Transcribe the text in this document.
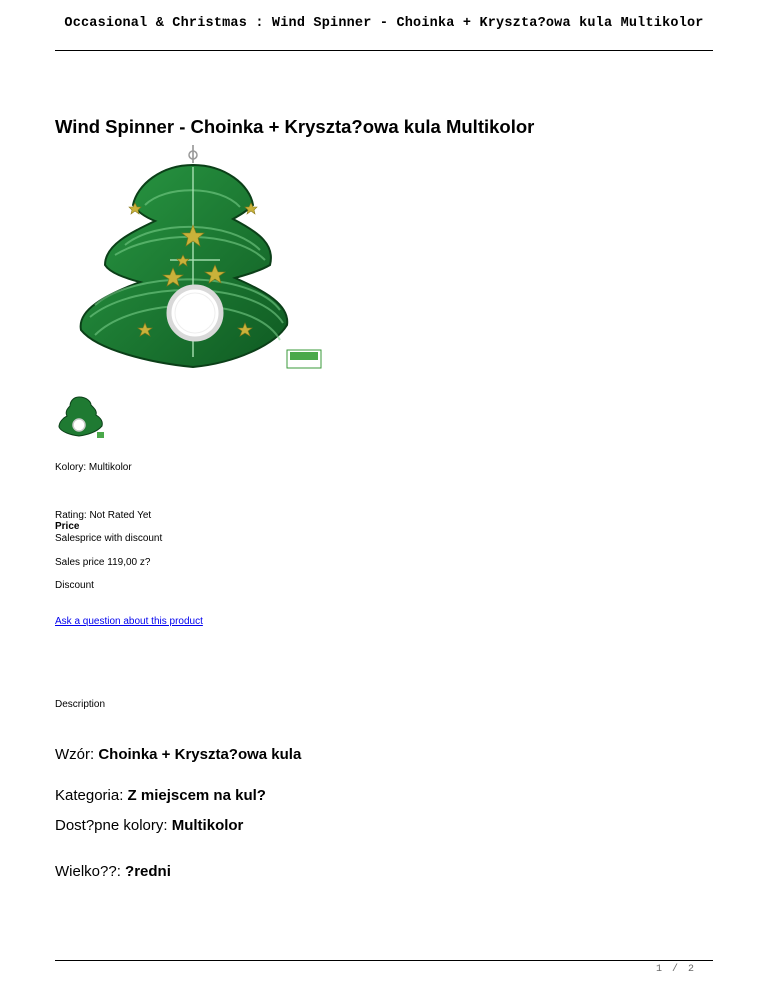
Occasional & Christmas : Wind Spinner - Choinka + Kryszta?owa kula Multikolor
Wind Spinner - Choinka + Kryszta?owa kula Multikolor
Kolory: Multikolor
Rating: Not Rated Yet
Price
Salesprice with discount
Sales price 119,00 z?
Discount
Ask a question about this product
Description
Wzór: Choinka + Kryszta?owa kula
Kategoria: Z miejscem na kul?
Dost?pne kolory: Multikolor
Wielko??: ?redni
1 / 2
